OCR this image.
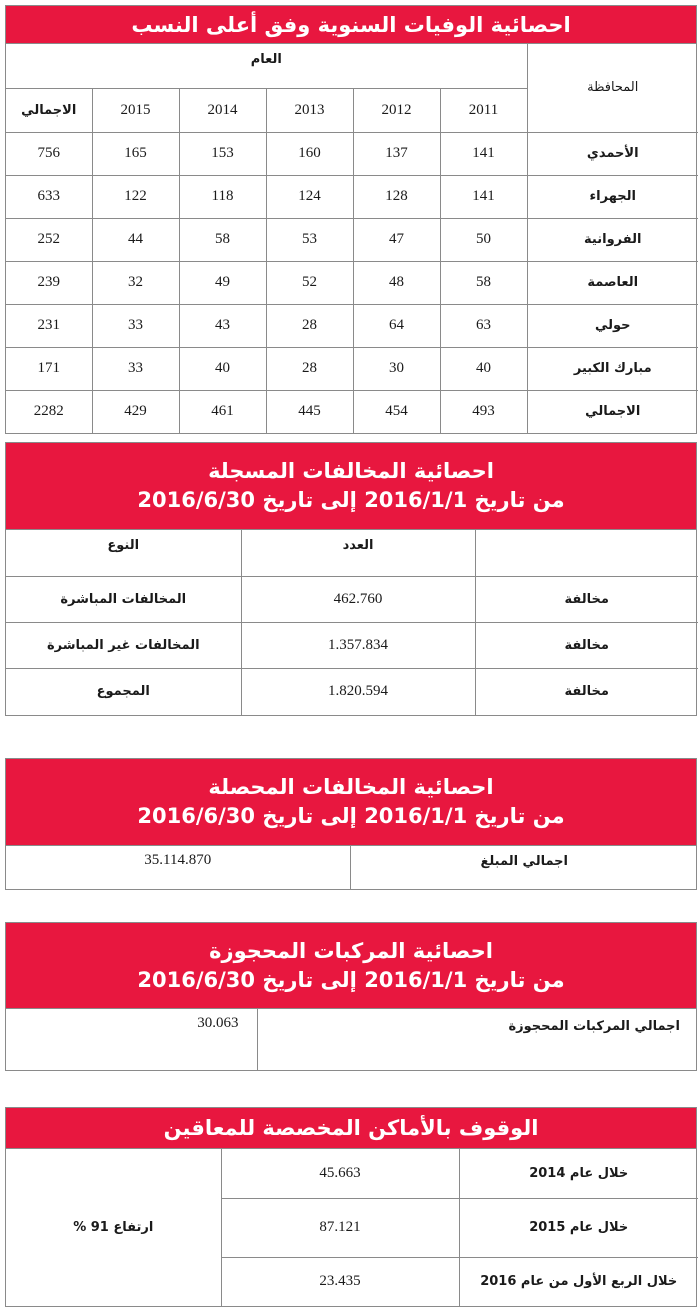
احصائية الوفيات السنوية وفق أعلى النسب
المحافظة	العام					
	2011	2012	2013	2014	2015	الاجمالي
الأحمدي	141	137	160	153	165	756
الجهراء	141	128	124	118	122	633
الفروانية	50	47	53	58	44	252
العاصمة	58	48	52	49	32	239
حولي	63	64	28	43	33	231
مبارك الكبير	40	30	28	40	33	171
الاجمالي	493	454	445	461	429	2282
احصائية المخالفات المسجلة
من تاريخ 2016/1/1 إلى تاريخ 2016/6/30
	العدد	النوع
مخالفة	462.760	المخالفات المباشرة
مخالفة	1.357.834	المخالفات غير المباشرة
مخالفة	1.820.594	المجموع
احصائية المخالفات المحصلة
من تاريخ 2016/1/1 إلى تاريخ 2016/6/30
اجمالي المبلغ	35.114.870
احصائية المركبات المحجوزة
من تاريخ 2016/1/1 إلى تاريخ 2016/6/30
اجمالي المركبات المحجوزة	30.063
الوقوف بالأماكن المخصصة للمعاقين
خلال عام 2014	45.663	ارتفاع 91 %
خلال عام 2015	87.121	
خلال الربع الأول من عام 2016	23.435	
